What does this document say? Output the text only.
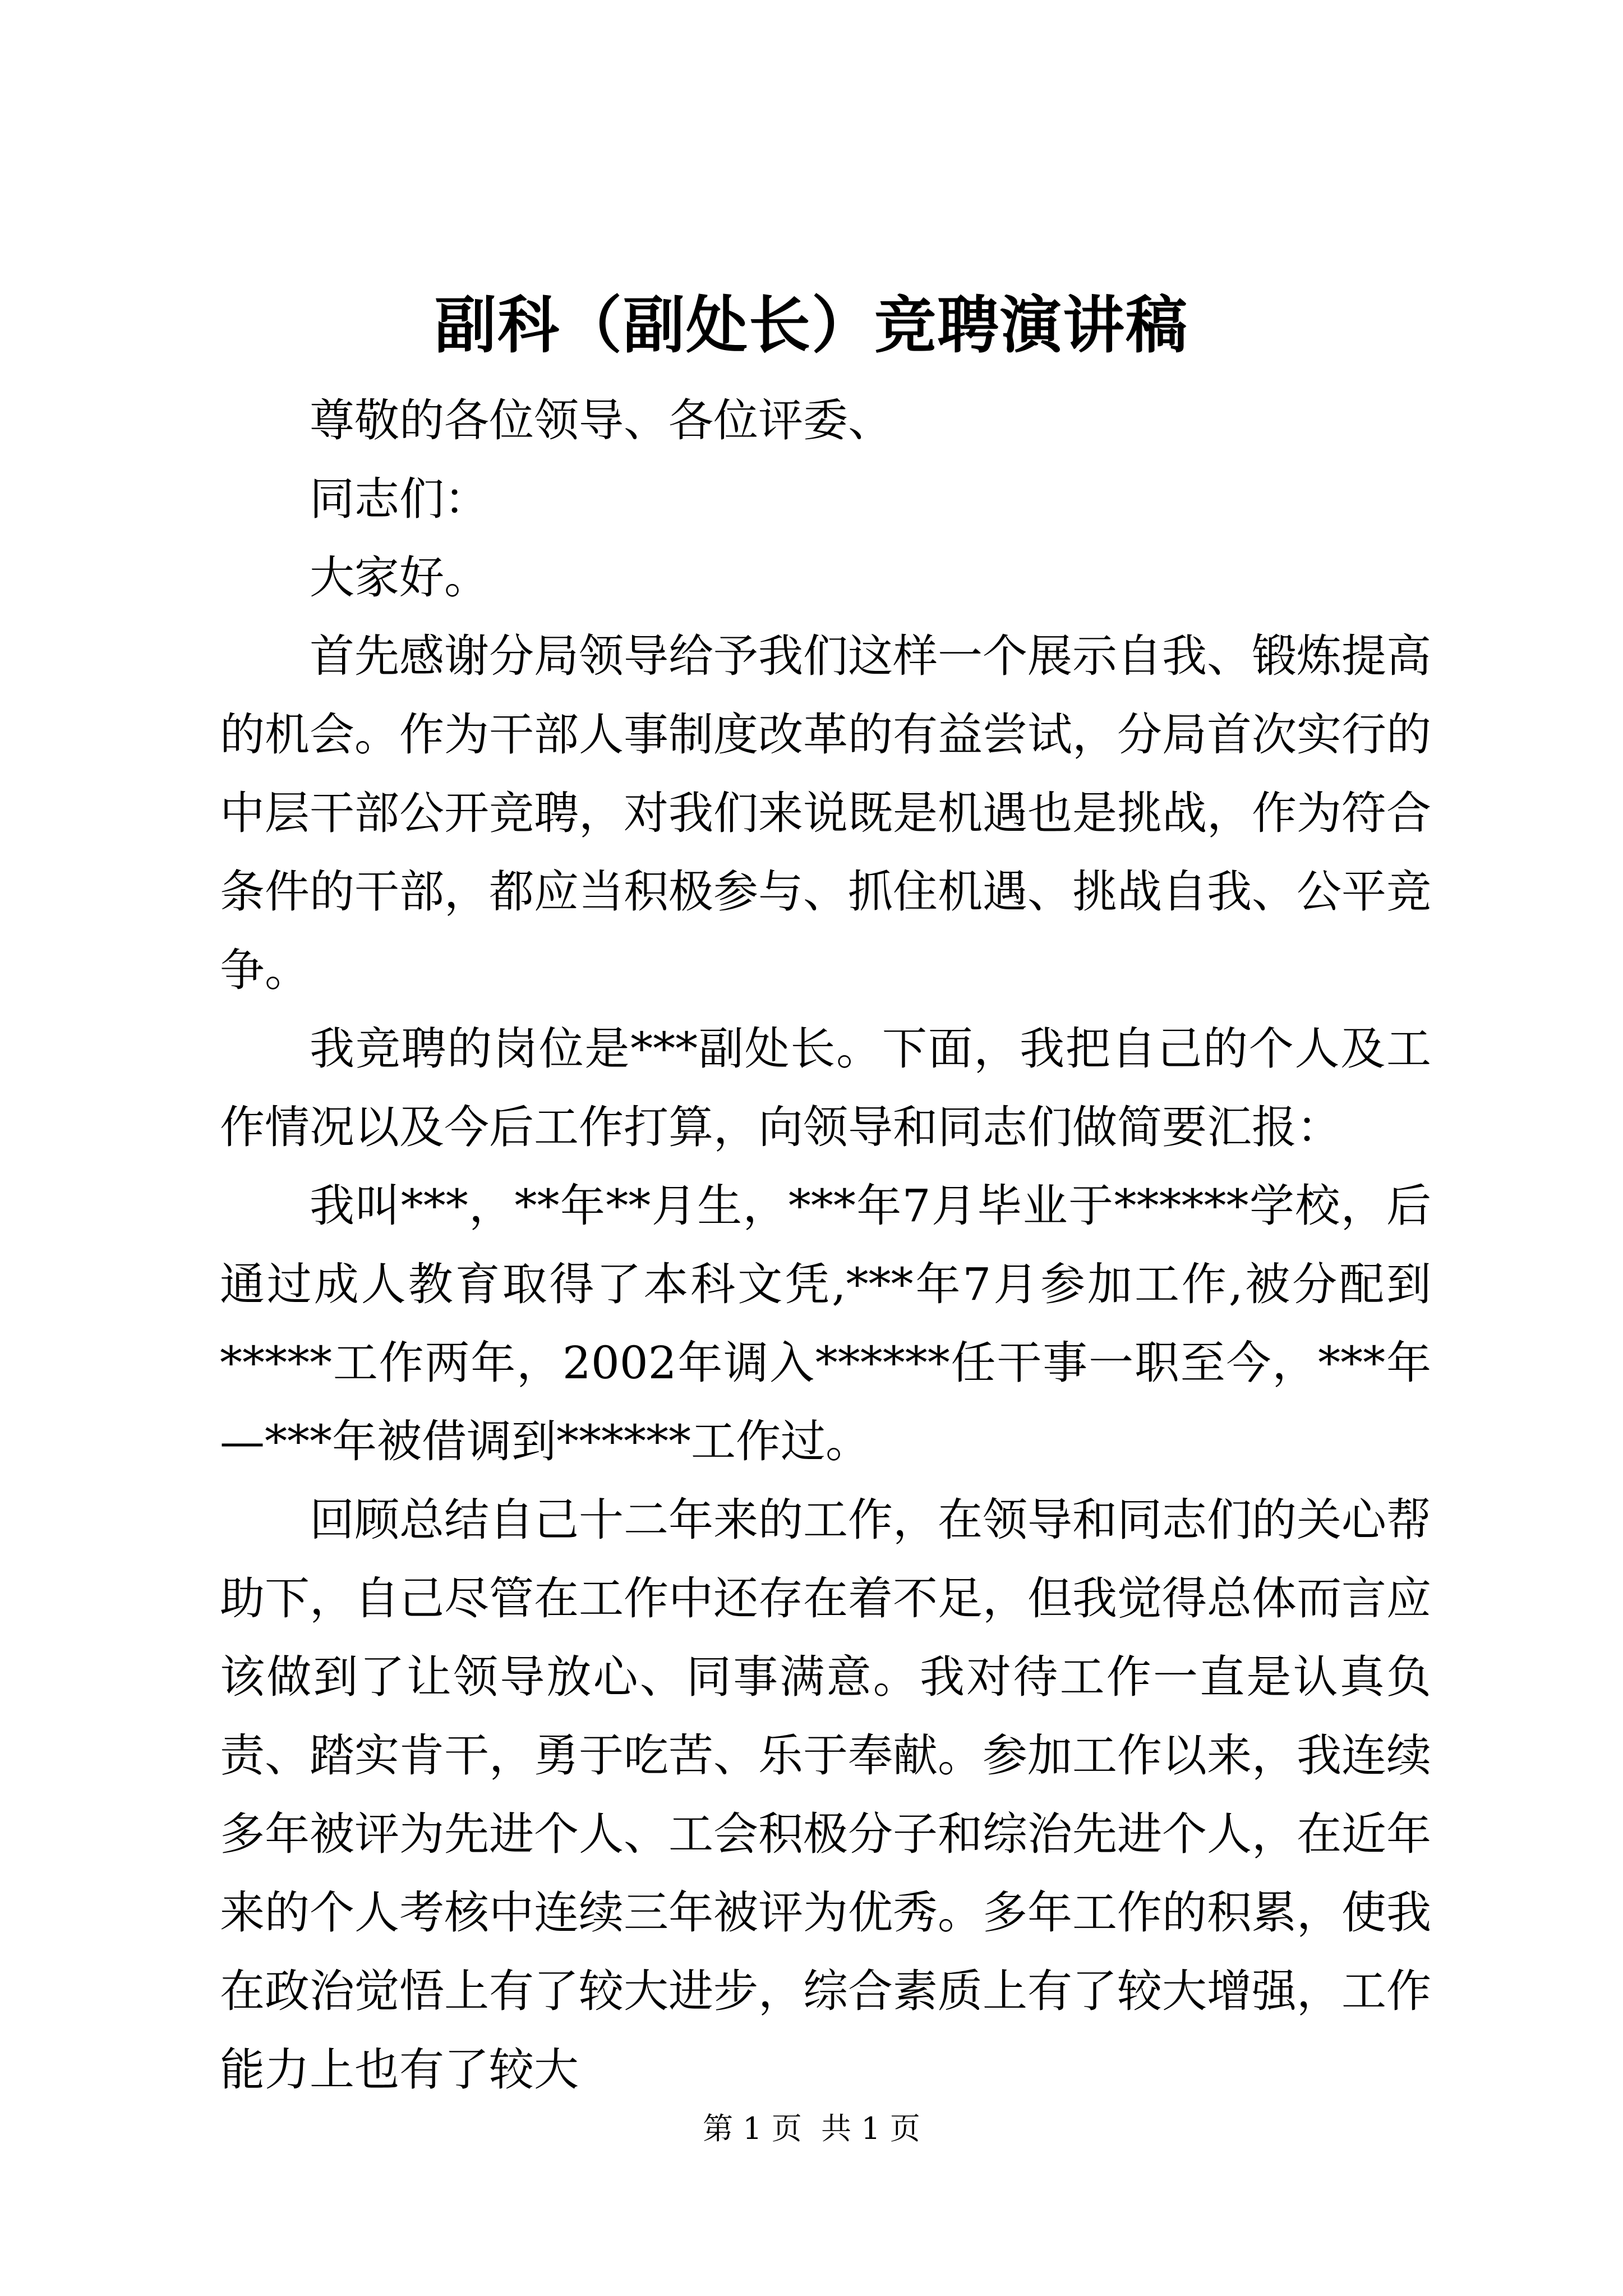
副科（副处长）竞聘演讲稿

尊敬的各位领导、各位评委、

同志们：

大家好。

首先感谢分局领导给予我们这样一个展示自我、锻炼提高的机会。作为干部人事制度改革的有益尝试，分局首次实行的中层干部公开竞聘，对我们来说既是机遇也是挑战，作为符合条件的干部，都应当积极参与、抓住机遇、挑战自我、公平竞争。

我竞聘的岗位是***副处长。下面，我把自己的个人及工作情况以及今后工作打算，向领导和同志们做简要汇报：

我叫***，**年**月生，***年7月毕业于******学校，后通过成人教育取得了本科文凭,***年7月参加工作,被分配到*****工作两年，2002年调入******任干事一职至今，***年—***年被借调到******工作过。

回顾总结自己十二年来的工作，在领导和同志们的关心帮助下，自己尽管在工作中还存在着不足，但我觉得总体而言应该做到了让领导放心、同事满意。我对待工作一直是认真负责、踏实肯干，勇于吃苦、乐于奉献。参加工作以来，我连续多年被评为先进个人、工会积极分子和综治先进个人，在近年来的个人考核中连续三年被评为优秀。多年工作的积累，使我在政治觉悟上有了较大进步，综合素质上有了较大增强，工作能力上也有了较大

第 1 页  共 1 页
